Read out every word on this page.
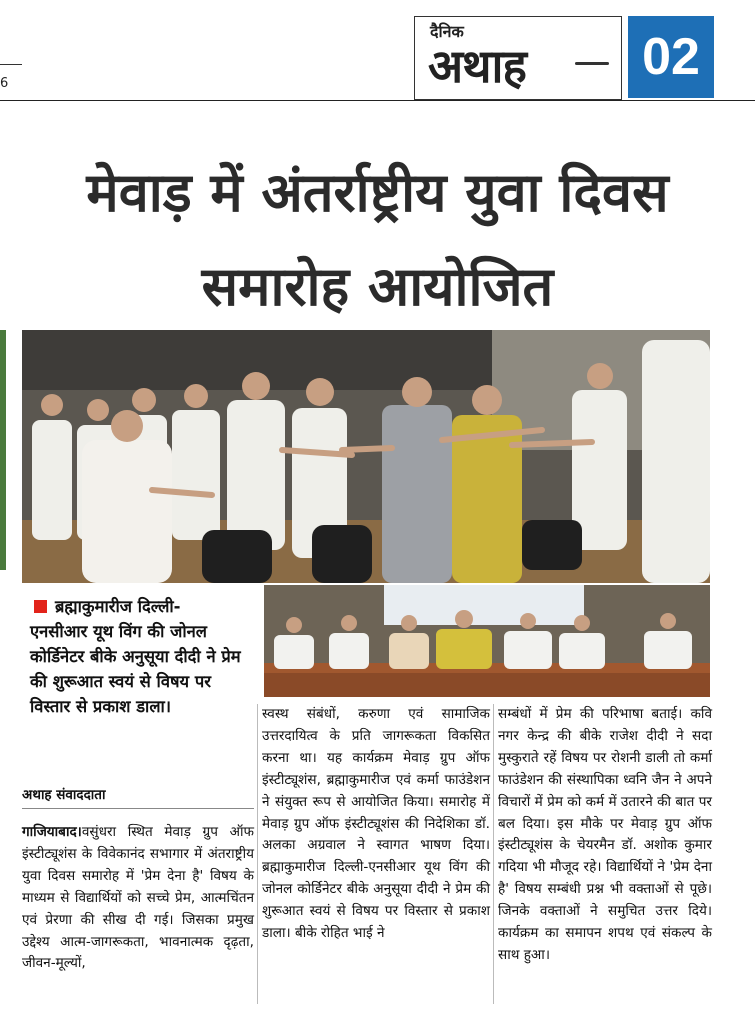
6
दैनिक
अथाह 02
मेवाड़ में अंतर्राष्ट्रीय युवा दिवस
समारोह आयोजित
ब्रह्माकुमारीज दिल्ली-
एनसीआर यूथ विंग की जोनल कोर्डिनेटर बीके अनुसूया दीदी ने प्रेम की शुरूआत स्वयं से विषय पर विस्तार से प्रकाश डाला।
अथाह संवाददाता
गाजियाबाद।वसुंधरा स्थित मेवाड़ ग्रुप ऑफ इंस्टीट्यूशंस के विवेकानंद सभागार में अंतराष्ट्रीय युवा दिवस समारोह में 'प्रेम देना है' विषय के माध्यम से विद्यार्थियों को सच्चे प्रेम, आत्मचिंतन एवं प्रेरणा की सीख दी गई। जिसका प्रमुख उद्देश्य आत्म-जागरूकता, भावनात्मक दृढ़ता, जीवन-मूल्यों,
स्वस्थ संबंधों, करुणा एवं सामाजिक उत्तरदायित्व के प्रति जागरूकता विकसित करना था। यह कार्यक्रम मेवाड़ ग्रुप ऑफ इंस्टीट्यूशंस, ब्रह्माकुमारीज एवं कर्मा फाउंडेशन ने संयुक्त रूप से आयोजित किया। समारोह में मेवाड़ ग्रुप ऑफ इंस्टीट्यूशंस की निदेशिका डॉ. अलका अग्रवाल ने स्वागत भाषण दिया। ब्रह्माकुमारीज दिल्ली-एनसीआर यूथ विंग की जोनल कोर्डिनेटर बीके अनुसूया दीदी ने प्रेम की शुरूआत स्वयं से विषय पर विस्तार से प्रकाश डाला। बीके रोहित भाई ने
सम्बंधों में प्रेम की परिभाषा बताई। कवि नगर केन्द्र की बीके राजेश दीदी ने सदा मुस्कुराते रहें विषय पर रोशनी डाली तो कर्मा फाउंडेशन की संस्थापिका ध्वनि जैन ने अपने विचारों में प्रेम को कर्म में उतारने की बात पर बल दिया। इस मौके पर मेवाड़ ग्रुप ऑफ इंस्टीट्यूशंस के चेयरमैन डॉ. अशोक कुमार गदिया भी मौजूद रहे। विद्यार्थियों ने 'प्रेम देना है' विषय सम्बंधी प्रश्न भी वक्ताओं से पूछे। जिनके वक्ताओं ने समुचित उत्तर दिये। कार्यक्रम का समापन शपथ एवं संकल्प के साथ हुआ।
